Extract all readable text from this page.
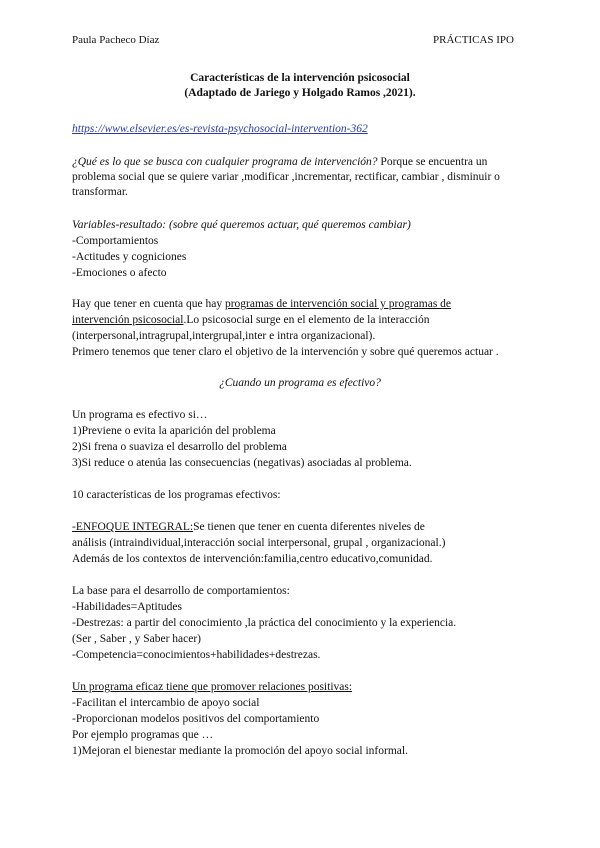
Paula Pacheco Díaz	PRÁCTICAS IPO
Características de la intervención psicosocial
(Adaptado de Jariego y Holgado Ramos ,2021).
https://www.elsevier.es/es-revista-psychosocial-intervention-362
¿Qué es lo que se busca con cualquier programa de intervención? Porque se encuentra un
problema social que se quiere variar ,modificar ,incrementar, rectificar, cambiar , disminuir o
transformar.
Variables-resultado: (sobre qué queremos actuar, qué queremos cambiar)
-Comportamientos
-Actitudes y cogniciones
-Emociones o afecto
Hay que tener en cuenta que hay programas de intervención social y programas de
intervención psicosocial.Lo psicosocial surge en el elemento de la interacción
(interpersonal,intragrupal,intergrupal,inter e intra organizacional).
Primero tenemos que tener claro el objetivo de la intervención y sobre qué queremos actuar .
¿Cuando un programa es efectivo?
Un programa es efectivo si…
1)Previene o evita la aparición del problema
2)Si frena o suaviza el desarrollo del problema
3)Si reduce o atenúa las consecuencias (negativas) asociadas al problema.
10 características de los programas efectivos:
-ENFOQUE INTEGRAL:Se tienen que tener en cuenta diferentes niveles de
análisis (intraindividual,interacción social interpersonal, grupal , organizacional.)
Además de los contextos de intervención:familia,centro educativo,comunidad.
La base para el desarrollo de comportamientos:
-Habilidades=Aptitudes
-Destrezas: a partir del conocimiento ,la práctica del conocimiento y la experiencia.
(Ser , Saber , y Saber hacer)
-Competencia=conocimientos+habilidades+destrezas.
Un programa eficaz tiene que promover relaciones positivas:
-Facilitan el intercambio de apoyo social
-Proporcionan modelos positivos del comportamiento
Por ejemplo programas que …
1)Mejoran el bienestar mediante la promoción del apoyo social informal.
